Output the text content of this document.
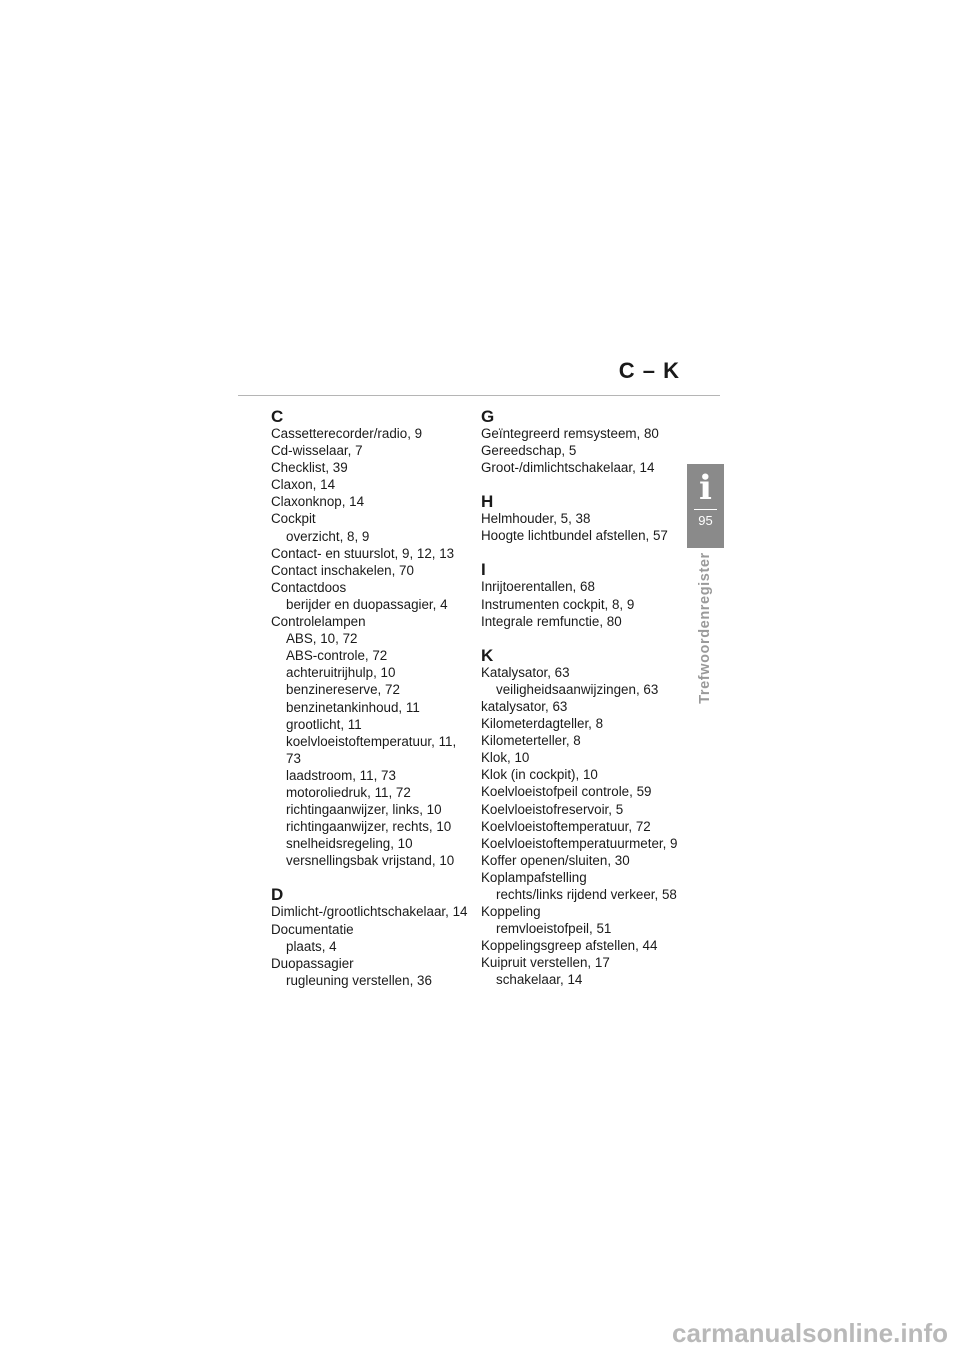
C – K
C
Cassetterecorder/radio, 9
Cd-wisselaar, 7
Checklist, 39
Claxon, 14
Claxonknop, 14
Cockpit
overzicht, 8, 9
Contact- en stuurslot, 9, 12, 13
Contact inschakelen, 70
Contactdoos
berijder en duopassagier, 4
Controlelampen
ABS, 10, 72
ABS-controle, 72
achteruitrijhulp, 10
benzinereserve, 72
benzinetankinhoud, 11
grootlicht, 11
koelvloeistoftemperatuur, 11,
73
laadstroom, 11, 73
motoroliedruk, 11, 72
richtingaanwijzer, links, 10
richtingaanwijzer, rechts, 10
snelheidsregeling, 10
versnellingsbak vrijstand, 10
D
Dimlicht-/grootlichtschakelaar, 14
Documentatie
plaats, 4
Duopassagier
rugleuning verstellen, 36
G
Geïntegreerd remsysteem, 80
Gereedschap, 5
Groot-/dimlichtschakelaar, 14
H
Helmhouder, 5, 38
Hoogte lichtbundel afstellen, 57
I
Inrijtoerentallen, 68
Instrumenten cockpit, 8, 9
Integrale remfunctie, 80
K
Katalysator, 63
veiligheidsaanwijzingen, 63
katalysator, 63
Kilometerdagteller, 8
Kilometerteller, 8
Klok, 10
Klok (in cockpit), 10
Koelvloeistofpeil controle, 59
Koelvloeistofreservoir, 5
Koelvloeistoftemperatuur, 72
Koelvloeistoftemperatuurmeter, 9
Koffer openen/sluiten, 30
Koplampafstelling
rechts/links rijdend verkeer, 58
Koppeling
remvloeistofpeil, 51
Koppelingsgreep afstellen, 44
Kuipruit verstellen, 17
schakelaar, 14
i
95
Trefwoordenregister
carmanualsonline.info
